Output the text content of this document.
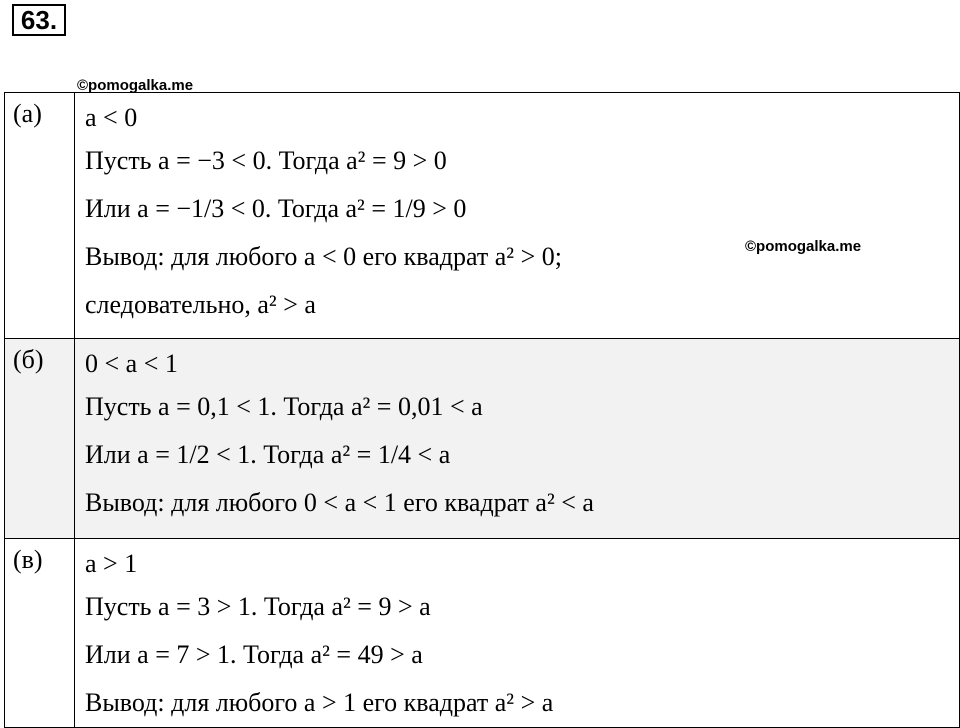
63.
©pomogalka.me
(а)	a < 0
Пусть a = −3 < 0. Тогда a² = 9 > 0
Или a = −1/3 < 0. Тогда a² = 1/9 > 0
Вывод: для любого a < 0 его квадрат a² > 0;
следовательно, a² > a

(б)	0 < a < 1
Пусть a = 0,1 < 1. Тогда a² = 0,01 < a
Или a = 1/2 < 1. Тогда a² = 1/4 < a
Вывод: для любого 0 < a < 1 его квадрат a² < a

(в)	a > 1
Пусть a = 3 > 1. Тогда a² = 9 > a
Или a = 7 > 1. Тогда a² = 49 > a
Вывод: для любого a > 1 его квадрат a² > a
©pomogalka.me
